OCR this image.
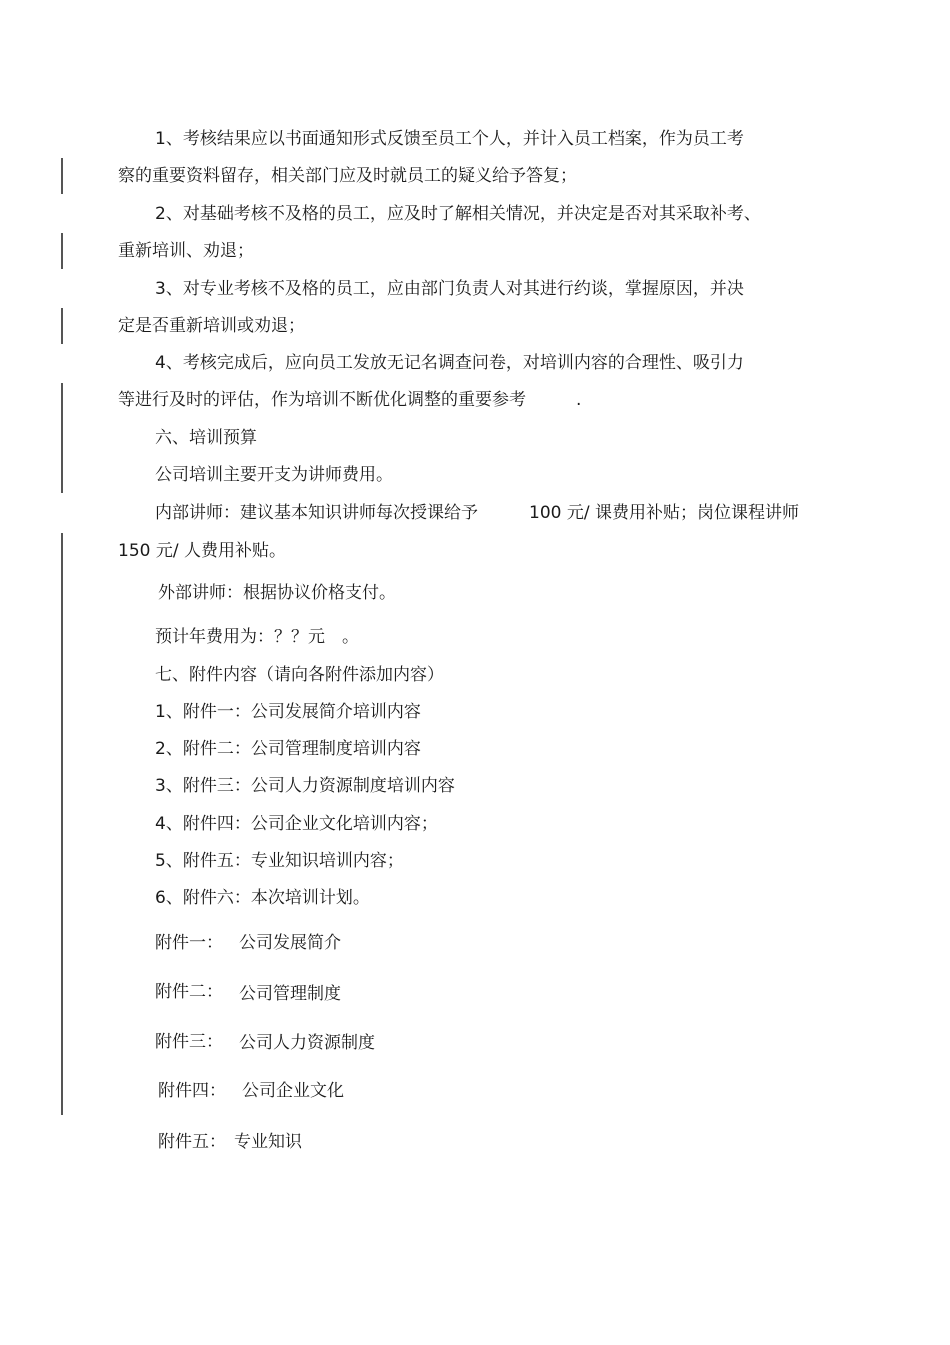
1、考核结果应以书面通知形式反馈至员工个人，并计入员工档案，作为员工考
察的重要资料留存，相关部门应及时就员工的疑义给予答复；
2、对基础考核不及格的员工，应及时了解相关情况，并决定是否对其采取补考、
重新培训、劝退；
3、对专业考核不及格的员工，应由部门负责人对其进行约谈，掌握原因，并决
定是否重新培训或劝退；
4、考核完成后，应向员工发放无记名调查问卷，对培训内容的合理性、吸引力
等进行及时的评估，作为培训不断优化调整的重要参考	.
六、培训预算
公司培训主要开支为讲师费用。
内部讲师：建议基本知识讲师每次授课给予	100 元/ 课费用补贴；岗位课程讲师
150 元/ 人费用补贴。
外部讲师：根据协议价格支付。
预计年费用为：？？元 。
七、附件内容（请向各附件添加内容）
1、附件一：公司发展简介培训内容
2、附件二：公司管理制度培训内容
3、附件三：公司人力资源制度培训内容
4、附件四：公司企业文化培训内容；
5、附件五：专业知识培训内容；
6、附件六：本次培训计划。
附件一： 公司发展简介
附件二： 公司管理制度
附件三： 公司人力资源制度
附件四： 公司企业文化
附件五： 专业知识
